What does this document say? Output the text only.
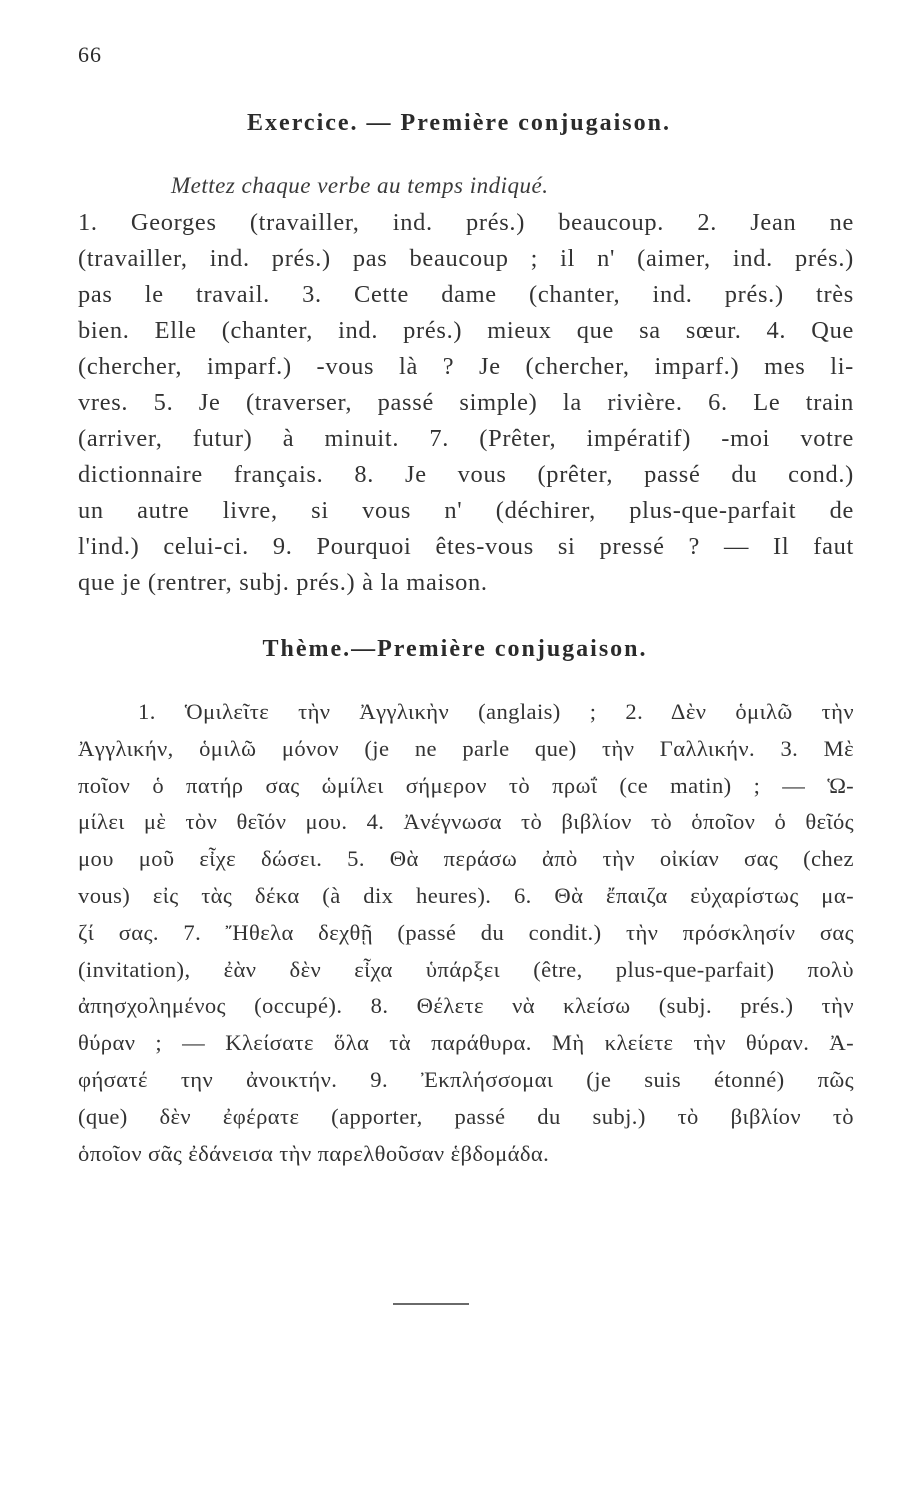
66
Exercice. — Première conjugaison.
Mettez chaque verbe au temps indiqué.
1. Georges (travailler, ind. prés.) beaucoup. 2. Jean ne
(travailler, ind. prés.) pas beaucoup ; il n' (aimer, ind. prés.)
pas le travail. 3. Cette dame (chanter, ind. prés.) très
bien. Elle (chanter, ind. prés.) mieux que sa sœur. 4. Que
(chercher, imparf.) -vous là ? Je (chercher, imparf.) mes li-
vres. 5. Je (traverser, passé simple) la rivière. 6. Le train
(arriver, futur) à minuit. 7. (Prêter, impératif) -moi votre
dictionnaire français. 8. Je vous (prêter, passé du cond.)
un autre livre, si vous n' (déchirer, plus-que-parfait de
l'ind.) celui-ci. 9. Pourquoi êtes-vous si pressé ? — Il faut
que je (rentrer, subj. prés.) à la maison.
Thème.—Première conjugaison.
1. Ὁμιλεῖτε τὴν Ἀγγλικὴν (anglais) ; 2. Δὲν ὁμιλῶ τὴν
Ἀγγλικήν, ὁμιλῶ μόνον (je ne parle que) τὴν Γαλλικήν. 3. Μὲ
ποῖον ὁ πατήρ σας ὡμίλει σήμερον τὸ πρωΐ (ce matin) ; — Ὡ-
μίλει μὲ τὸν θεῖόν μου. 4. Ἀνέγνωσα τὸ βιβλίον τὸ ὁποῖον ὁ θεῖός
μου μοῦ εἶχε δώσει. 5. Θὰ περάσω ἀπὸ τὴν οἰκίαν σας (chez
vous) εἰς τὰς δέκα (à dix heures). 6. Θὰ ἔπαιζα εὐχαρίστως μα-
ζί σας. 7. Ἤθελα δεχθῇ (passé du condit.) τὴν πρόσκλησίν σας
(invitation), ἐὰν δὲν εἶχα ὑπάρξει (être, plus-que-parfait) πολὺ
ἀπησχολημένος (occupé). 8. Θέλετε νὰ κλείσω (subj. prés.) τὴν
θύραν ; — Κλείσατε ὅλα τὰ παράθυρα. Μὴ κλείετε τὴν θύραν. Ἀ-
φήσατέ την ἀνοικτήν. 9. Ἐκπλήσσομαι (je suis étonné) πῶς
(que) δὲν ἐφέρατε (apporter, passé du subj.) τὸ βιβλίον τὸ
ὁποῖον σᾶς ἐδάνεισα τὴν παρελθοῦσαν ἑβδομάδα.
